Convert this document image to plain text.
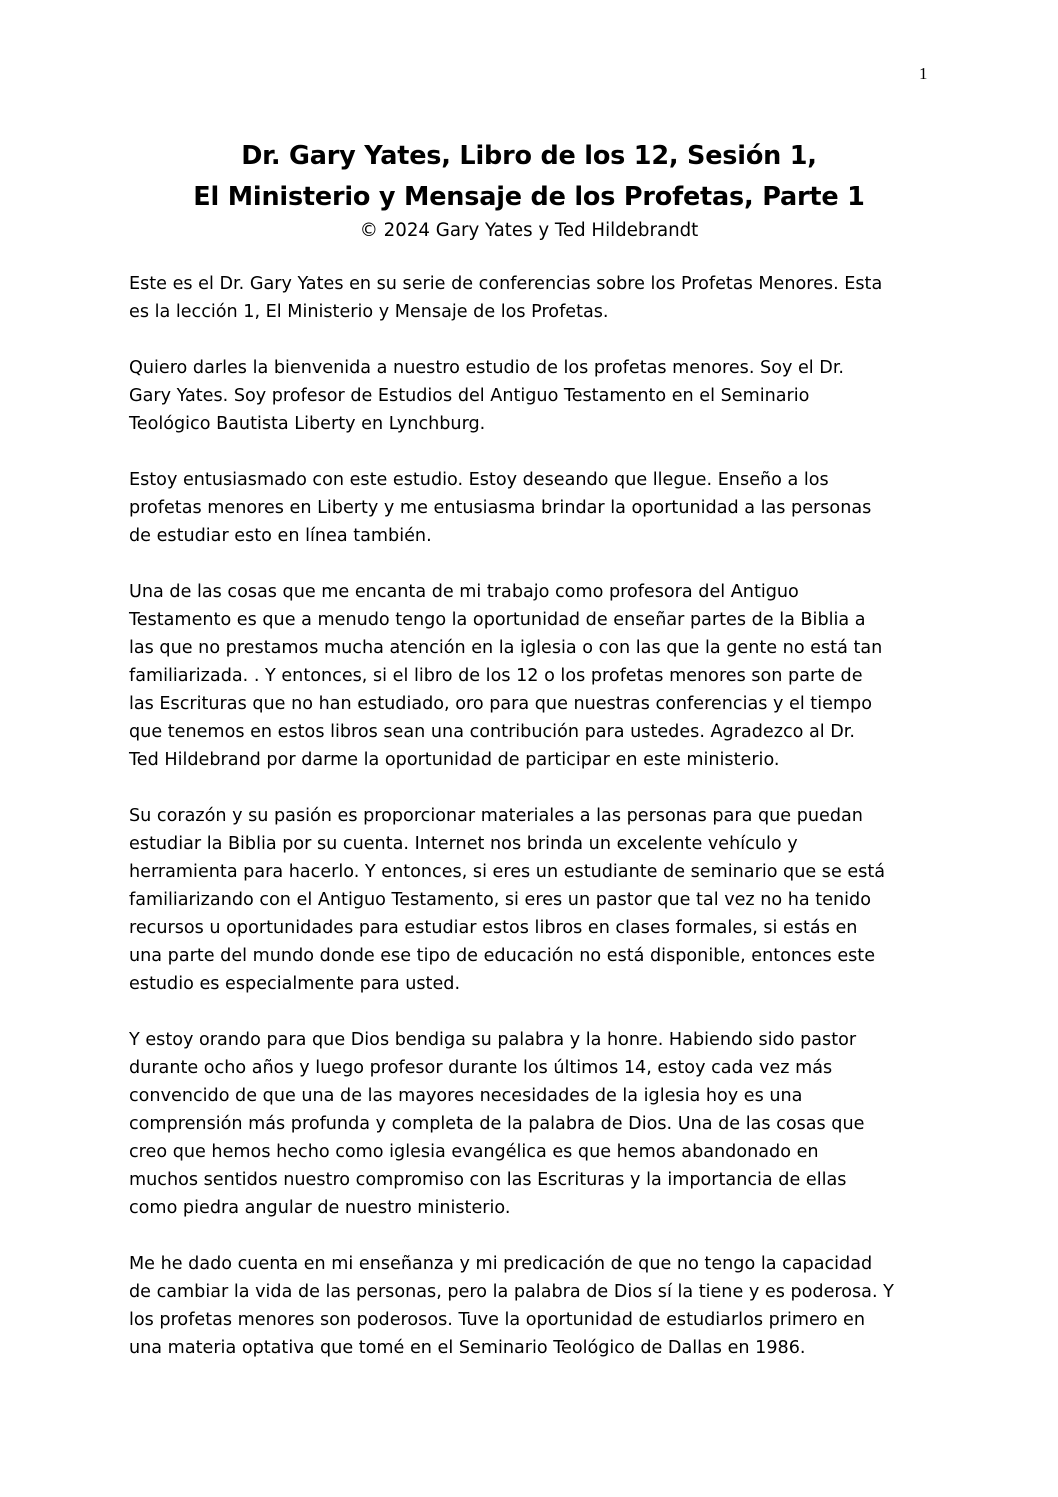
1
Dr. Gary Yates, Libro de los 12, Sesión 1,
El Ministerio y Mensaje de los Profetas, Parte 1
© 2024 Gary Yates y Ted Hildebrandt
Este es el Dr. Gary Yates en su serie de conferencias sobre los Profetas Menores. Esta
es la lección 1, El Ministerio y Mensaje de los Profetas.
Quiero darles la bienvenida a nuestro estudio de los profetas menores. Soy el Dr.
Gary Yates. Soy profesor de Estudios del Antiguo Testamento en el Seminario
Teológico Bautista Liberty en Lynchburg.
Estoy entusiasmado con este estudio. Estoy deseando que llegue. Enseño a los
profetas menores en Liberty y me entusiasma brindar la oportunidad a las personas
de estudiar esto en línea también.
Una de las cosas que me encanta de mi trabajo como profesora del Antiguo
Testamento es que a menudo tengo la oportunidad de enseñar partes de la Biblia a
las que no prestamos mucha atención en la iglesia o con las que la gente no está tan
familiarizada. . Y entonces, si el libro de los 12 o los profetas menores son parte de
las Escrituras que no han estudiado, oro para que nuestras conferencias y el tiempo
que tenemos en estos libros sean una contribución para ustedes. Agradezco al Dr.
Ted Hildebrand por darme la oportunidad de participar en este ministerio.
Su corazón y su pasión es proporcionar materiales a las personas para que puedan
estudiar la Biblia por su cuenta. Internet nos brinda un excelente vehículo y
herramienta para hacerlo. Y entonces, si eres un estudiante de seminario que se está
familiarizando con el Antiguo Testamento, si eres un pastor que tal vez no ha tenido
recursos u oportunidades para estudiar estos libros en clases formales, si estás en
una parte del mundo donde ese tipo de educación no está disponible, entonces este
estudio es especialmente para usted.
Y estoy orando para que Dios bendiga su palabra y la honre. Habiendo sido pastor
durante ocho años y luego profesor durante los últimos 14, estoy cada vez más
convencido de que una de las mayores necesidades de la iglesia hoy es una
comprensión más profunda y completa de la palabra de Dios. Una de las cosas que
creo que hemos hecho como iglesia evangélica es que hemos abandonado en
muchos sentidos nuestro compromiso con las Escrituras y la importancia de ellas
como piedra angular de nuestro ministerio.
Me he dado cuenta en mi enseñanza y mi predicación de que no tengo la capacidad
de cambiar la vida de las personas, pero la palabra de Dios sí la tiene y es poderosa. Y
los profetas menores son poderosos. Tuve la oportunidad de estudiarlos primero en
una materia optativa que tomé en el Seminario Teológico de Dallas en 1986.
